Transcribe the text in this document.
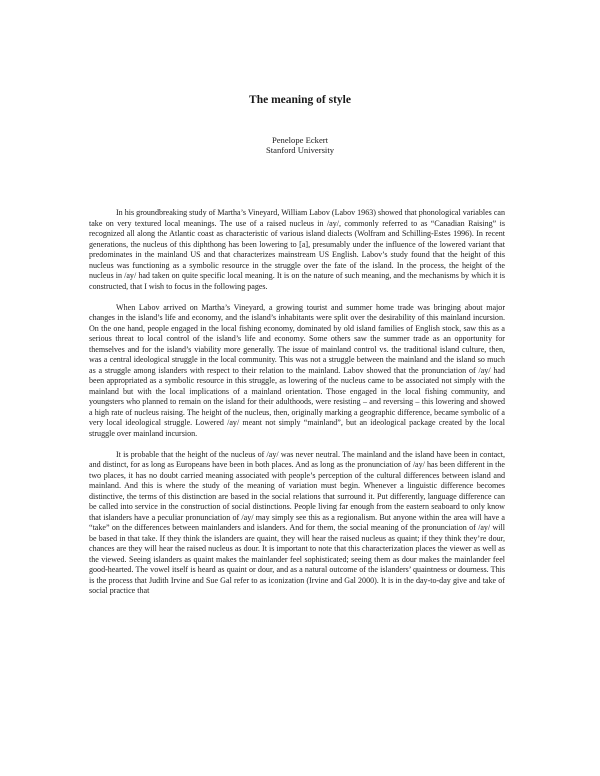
The meaning of style
Penelope Eckert
Stanford University

In his groundbreaking study of Martha’s Vineyard, William Labov (Labov 1963) showed that phonological variables can take on very textured local meanings. The use of a raised nucleus in /ay/, commonly referred to as “Canadian Raising” is recognized all along the Atlantic coast as characteristic of various island dialects (Wolfram and Schilling-Estes 1996). In recent generations, the nucleus of this diphthong has been lowering to [a], presumably under the influence of the lowered variant that predominates in the mainland US and that characterizes mainstream US English. Labov’s study found that the height of this nucleus was functioning as a symbolic resource in the struggle over the fate of the island. In the process, the height of the nucleus in /ay/ had taken on quite specific local meaning. It is on the nature of such meaning, and the mechanisms by which it is constructed, that I wish to focus in the following pages.

When Labov arrived on Martha’s Vineyard, a growing tourist and summer home trade was bringing about major changes in the island’s life and economy, and the island’s inhabitants were split over the desirability of this mainland incursion. On the one hand, people engaged in the local fishing economy, dominated by old island families of English stock, saw this as a serious threat to local control of the island’s life and economy. Some others saw the summer trade as an opportunity for themselves and for the island’s viability more generally. The issue of mainland control vs. the traditional island culture, then, was a central ideological struggle in the local community. This was not a struggle between the mainland and the island so much as a struggle among islanders with respect to their relation to the mainland. Labov showed that the pronunciation of /ay/ had been appropriated as a symbolic resource in this struggle, as lowering of the nucleus came to be associated not simply with the mainland but with the local implications of a mainland orientation. Those engaged in the local fishing community, and youngsters who planned to remain on the island for their adulthoods, were resisting – and reversing – this lowering and showed a high rate of nucleus raising. The height of the nucleus, then, originally marking a geographic difference, became symbolic of a very local ideological struggle. Lowered /ay/ meant not simply “mainland”, but an ideological package created by the local struggle over mainland incursion.

It is probable that the height of the nucleus of /ay/ was never neutral. The mainland and the island have been in contact, and distinct, for as long as Europeans have been in both places. And as long as the pronunciation of /ay/ has been different in the two places, it has no doubt carried meaning associated with people’s perception of the cultural differences between island and mainland. And this is where the study of the meaning of variation must begin. Whenever a linguistic difference becomes distinctive, the terms of this distinction are based in the social relations that surround it. Put differently, language difference can be called into service in the construction of social distinctions. People living far enough from the eastern seaboard to only know that islanders have a peculiar pronunciation of /ay/ may simply see this as a regionalism. But anyone within the area will have a “take” on the differences between mainlanders and islanders. And for them, the social meaning of the pronunciation of /ay/ will be based in that take. If they think the islanders are quaint, they will hear the raised nucleus as quaint; if they think they’re dour, chances are they will hear the raised nucleus as dour. It is important to note that this characterization places the viewer as well as the viewed. Seeing islanders as quaint makes the mainlander feel sophisticated; seeing them as dour makes the mainlander feel good-hearted. The vowel itself is heard as quaint or dour, and as a natural outcome of the islanders’ quaintness or dourness. This is the process that Judith Irvine and Sue Gal refer to as iconization (Irvine and Gal 2000). It is in the day-to-day give and take of social practice that
